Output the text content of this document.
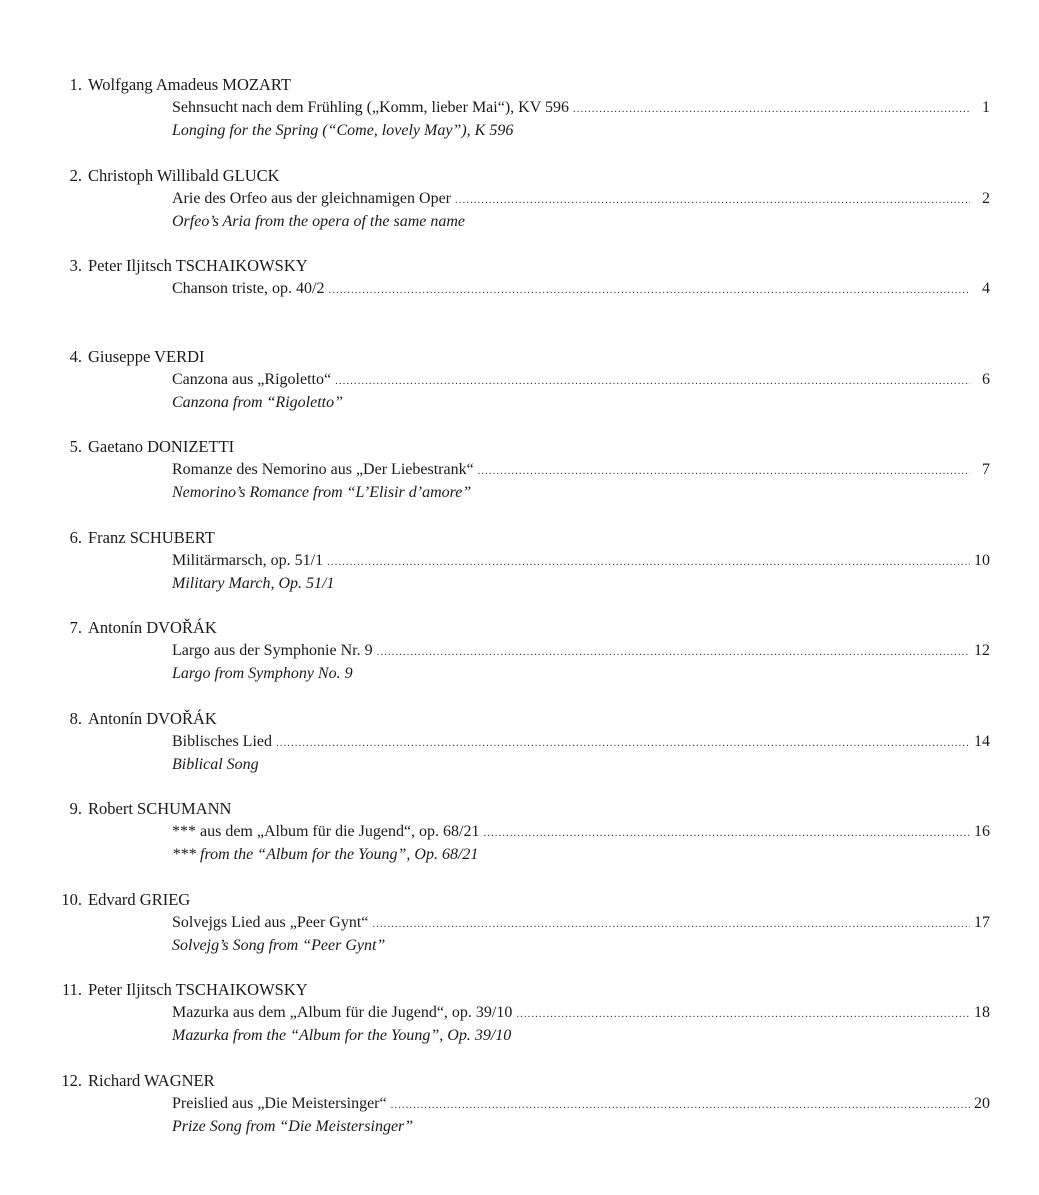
1. Wolfgang Amadeus MOZART
Sehnsucht nach dem Frühling („Komm, lieber Mai“), KV 596 .....	1
Longing for the Spring (“Come, lovely May”), K 596
2. Christoph Willibald GLUCK
Arie des Orfeo aus der gleichnamigen Oper .....	2
Orfeo’s Aria from the opera of the same name
3. Peter Iljitsch TSCHAIKOWSKY
Chanson triste, op. 40/2 .....	4
4. Giuseppe VERDI
Canzona aus „Rigoletto“ .....	6
Canzona from “Rigoletto”
5. Gaetano DONIZETTI
Romanze des Nemorino aus „Der Liebestrank“ .....	7
Nemorino’s Romance from “L’Elisir d’amore”
6. Franz SCHUBERT
Militärmarsch, op. 51/1 .....	10
Military March, Op. 51/1
7. Antonín DVOŘÁK
Largo aus der Symphonie Nr. 9 .....	12
Largo from Symphony No. 9
8. Antonín DVOŘÁK
Biblisches Lied .....	14
Biblical Song
9. Robert SCHUMANN
*** aus dem „Album für die Jugend“, op. 68/21 .....	16
*** from the “Album for the Young”, Op. 68/21
10. Edvard GRIEG
Solvejgs Lied aus „Peer Gynt“ .....	17
Solvejg’s Song from “Peer Gynt”
11. Peter Iljitsch TSCHAIKOWSKY
Mazurka aus dem „Album für die Jugend“, op. 39/10 .....	18
Mazurka from the “Album for the Young”, Op. 39/10
12. Richard WAGNER
Preislied aus „Die Meistersinger“ .....	20
Prize Song from “Die Meistersinger”
